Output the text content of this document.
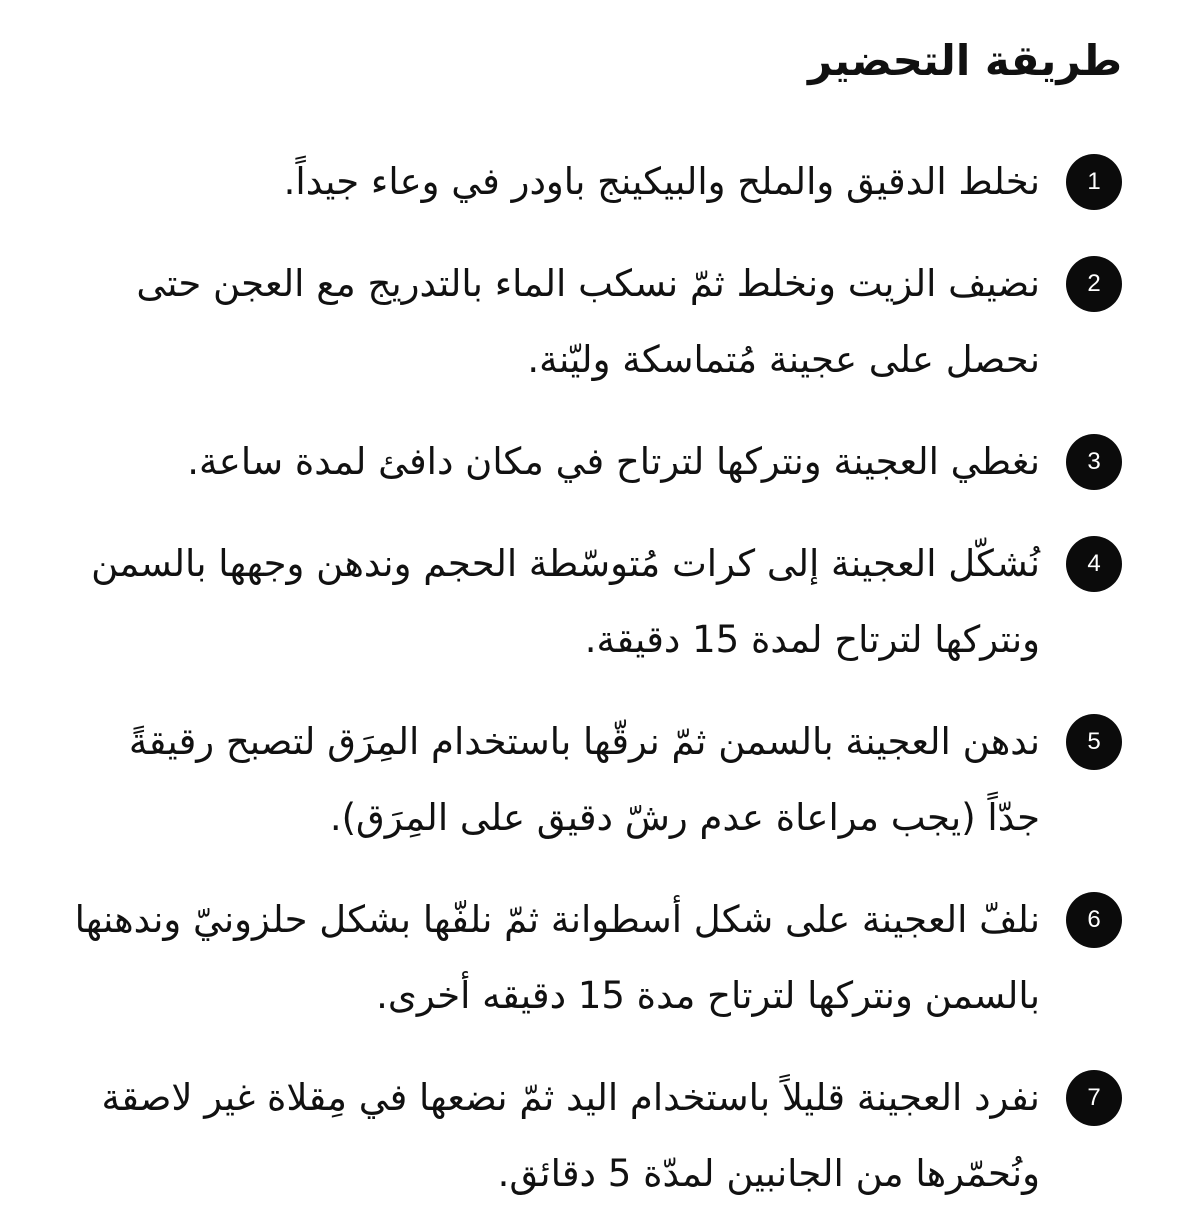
طريقة التحضير
1
نخلط الدقيق والملح والبيكينج باودر في وعاء جيداً.
2
نضيف الزيت ونخلط ثمّ نسكب الماء بالتدريج مع العجن حتى نحصل على عجينة مُتماسكة وليّنة.
3
نغطي العجينة ونتركها لترتاح في مكان دافئ لمدة ساعة.
4
نُشكّل العجينة إلى كرات مُتوسّطة الحجم وندهن وجهها بالسمن ونتركها لترتاح لمدة 15 دقيقة.
5
ندهن العجينة بالسمن ثمّ نرقّها باستخدام المِرَق لتصبح رقيقةً جدّاً (يجب مراعاة عدم رشّ دقيق على المِرَق).
6
نلفّ العجينة على شكل أسطوانة ثمّ نلفّها بشكل حلزونيّ وندهنها بالسمن ونتركها لترتاح مدة 15 دقيقه أخرى.
7
نفرد العجينة قليلاً باستخدام اليد ثمّ نضعها في مِقلاة غير لاصقة ونُحمّرها من الجانبين لمدّة 5 دقائق.
